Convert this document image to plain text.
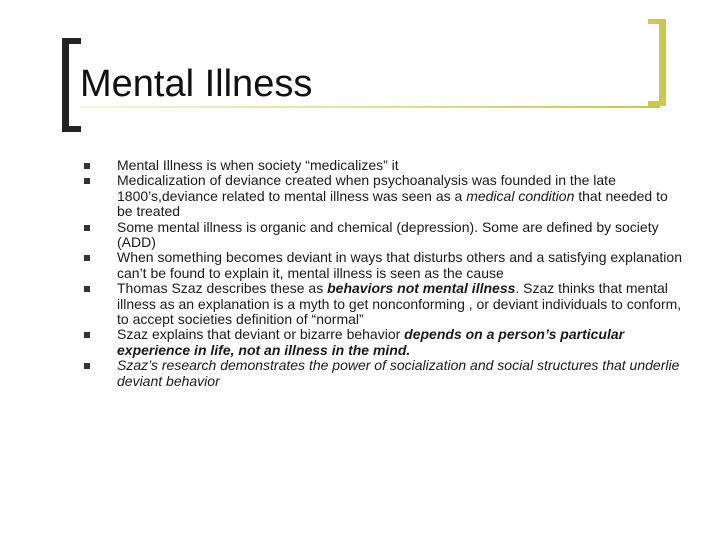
Mental Illness
Mental Illness is when society “medicalizes” it
Medicalization of deviance created when psychoanalysis was founded in the late 1800’s,deviance related to mental illness was seen as a medical condition that needed to be treated
Some mental illness is organic and chemical (depression). Some are defined by society (ADD)
When something becomes deviant in ways that disturbs others and a satisfying explanation can’t be found to explain it, mental illness is seen as the cause
Thomas Szaz describes these as behaviors not mental illness. Szaz thinks that mental illness as an explanation is a myth to get nonconforming , or deviant individuals to conform, to accept societies definition of “normal”
Szaz explains that deviant or bizarre behavior depends on a person’s particular experience in life, not an illness in the mind.
Szaz’s research demonstrates the power of socialization and social structures that underlie deviant behavior
